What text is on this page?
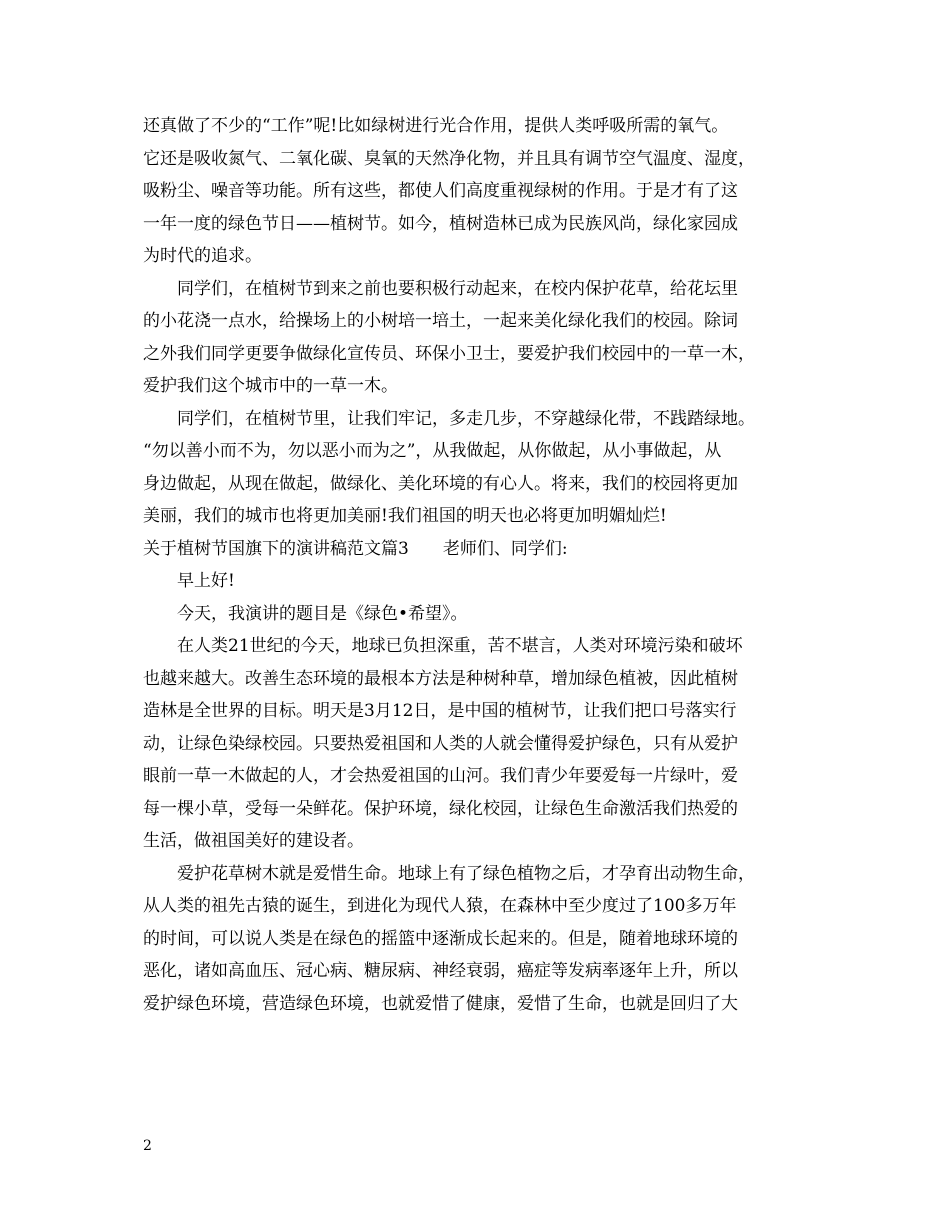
还真做了不少的“工作”呢!比如绿树进行光合作用，提供人类呼吸所需的氧气。
它还是吸收氮气、二氧化碳、臭氧的天然净化物，并且具有调节空气温度、湿度，
吸粉尘、噪音等功能。所有这些，都使人们高度重视绿树的作用。于是才有了这
一年一度的绿色节日——植树节。如今，植树造林已成为民族风尚，绿化家园成
为时代的追求。
同学们，在植树节到来之前也要积极行动起来，在校内保护花草，给花坛里
的小花浇一点水，给操场上的小树培一培土，一起来美化绿化我们的校园。除词
之外我们同学更要争做绿化宣传员、环保小卫士，要爱护我们校园中的一草一木，
爱护我们这个城市中的一草一木。
同学们，在植树节里，让我们牢记，多走几步，不穿越绿化带，不践踏绿地。
“勿以善小而不为，勿以恶小而为之”，从我做起，从你做起，从小事做起，从
身边做起，从现在做起，做绿化、美化环境的有心人。将来，我们的校园将更加
美丽，我们的城市也将更加美丽!我们祖国的明天也必将更加明媚灿烂!
关于植树节国旗下的演讲稿范文篇3　　老师们、同学们:
早上好!
今天，我演讲的题目是《绿色•希望》。
在人类21世纪的今天，地球已负担深重，苦不堪言，人类对环境污染和破坏
也越来越大。改善生态环境的最根本方法是种树种草，增加绿色植被，因此植树
造林是全世界的目标。明天是3月12日，是中国的植树节，让我们把口号落实行
动，让绿色染绿校园。只要热爱祖国和人类的人就会懂得爱护绿色，只有从爱护
眼前一草一木做起的人，才会热爱祖国的山河。我们青少年要爱每一片绿叶，爱
每一棵小草，受每一朵鲜花。保护环境，绿化校园，让绿色生命激活我们热爱的
生活，做祖国美好的建设者。
爱护花草树木就是爱惜生命。地球上有了绿色植物之后，才孕育出动物生命，
从人类的祖先古猿的诞生，到进化为现代人猿，在森林中至少度过了100多万年
的时间，可以说人类是在绿色的摇篮中逐渐成长起来的。但是，随着地球环境的
恶化，诸如高血压、冠心病、糖尿病、神经衰弱，癌症等发病率逐年上升，所以
爱护绿色环境，营造绿色环境，也就爱惜了健康，爱惜了生命，也就是回归了大
2
